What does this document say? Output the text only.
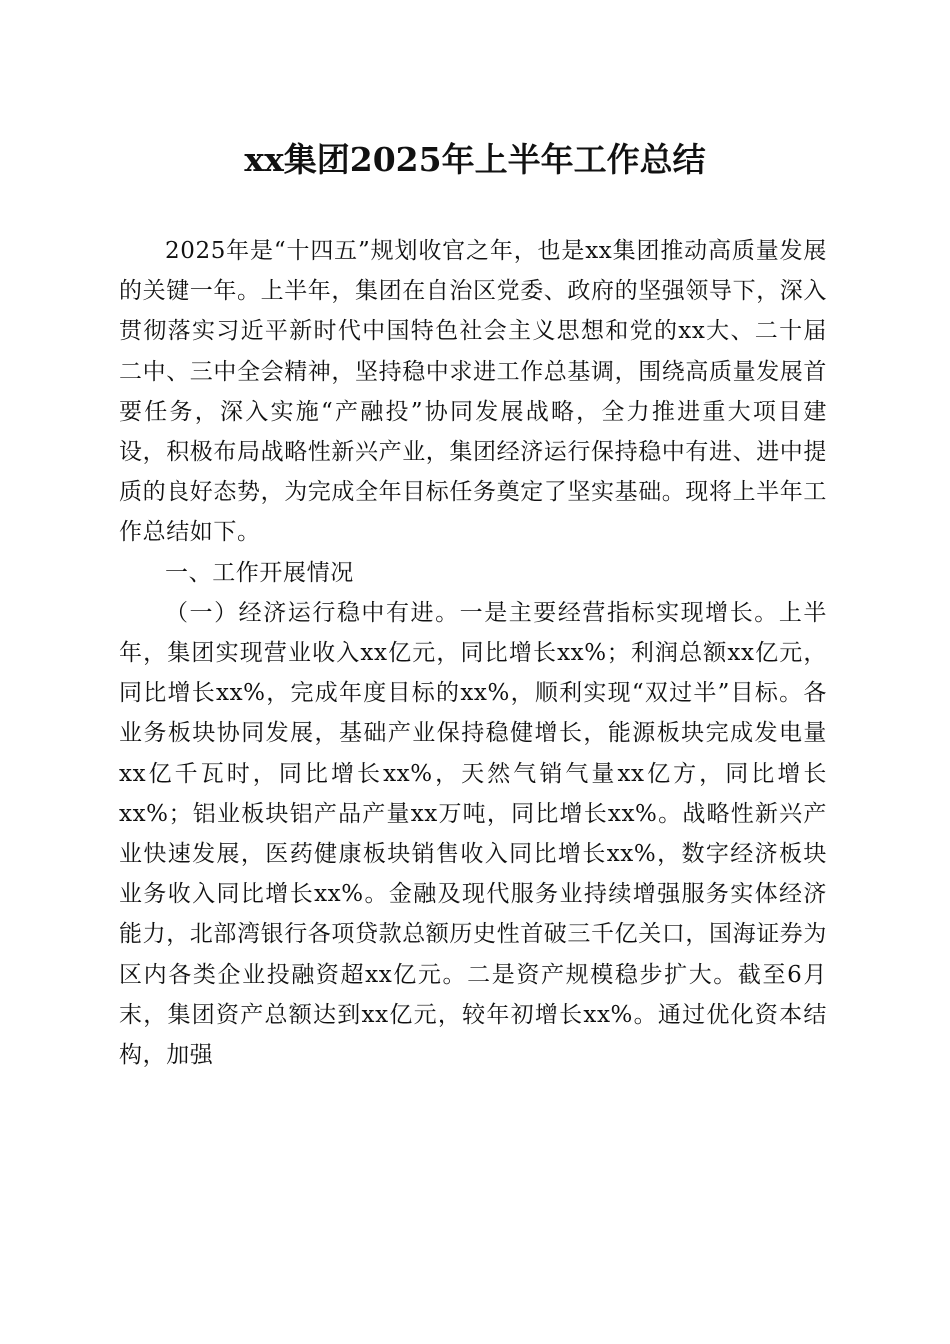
xx集团2025年上半年工作总结

2025年是“十四五”规划收官之年，也是xx集团推动高质量发展的关键一年。上半年，集团在自治区党委、政府的坚强领导下，深入贯彻落实习近平新时代中国特色社会主义思想和党的xx大、二十届二中、三中全会精神，坚持稳中求进工作总基调，围绕高质量发展首要任务，深入实施“产融投”协同发展战略，全力推进重大项目建设，积极布局战略性新兴产业，集团经济运行保持稳中有进、进中提质的良好态势，为完成全年目标任务奠定了坚实基础。现将上半年工作总结如下。

一、工作开展情况

（一）经济运行稳中有进。一是主要经营指标实现增长。上半年，集团实现营业收入xx亿元，同比增长xx%；利润总额xx亿元，同比增长xx%，完成年度目标的xx%，顺利实现“双过半”目标。各业务板块协同发展，基础产业保持稳健增长，能源板块完成发电量xx亿千瓦时，同比增长xx%，天然气销气量xx亿方，同比增长xx%；铝业板块铝产品产量xx万吨，同比增长xx%。战略性新兴产业快速发展，医药健康板块销售收入同比增长xx%，数字经济板块业务收入同比增长xx%。金融及现代服务业持续增强服务实体经济能力，北部湾银行各项贷款总额历史性首破三千亿关口，国海证券为区内各类企业投融资超xx亿元。二是资产规模稳步扩大。截至6月末，集团资产总额达到xx亿元，较年初增长xx%。通过优化资本结构，加强
